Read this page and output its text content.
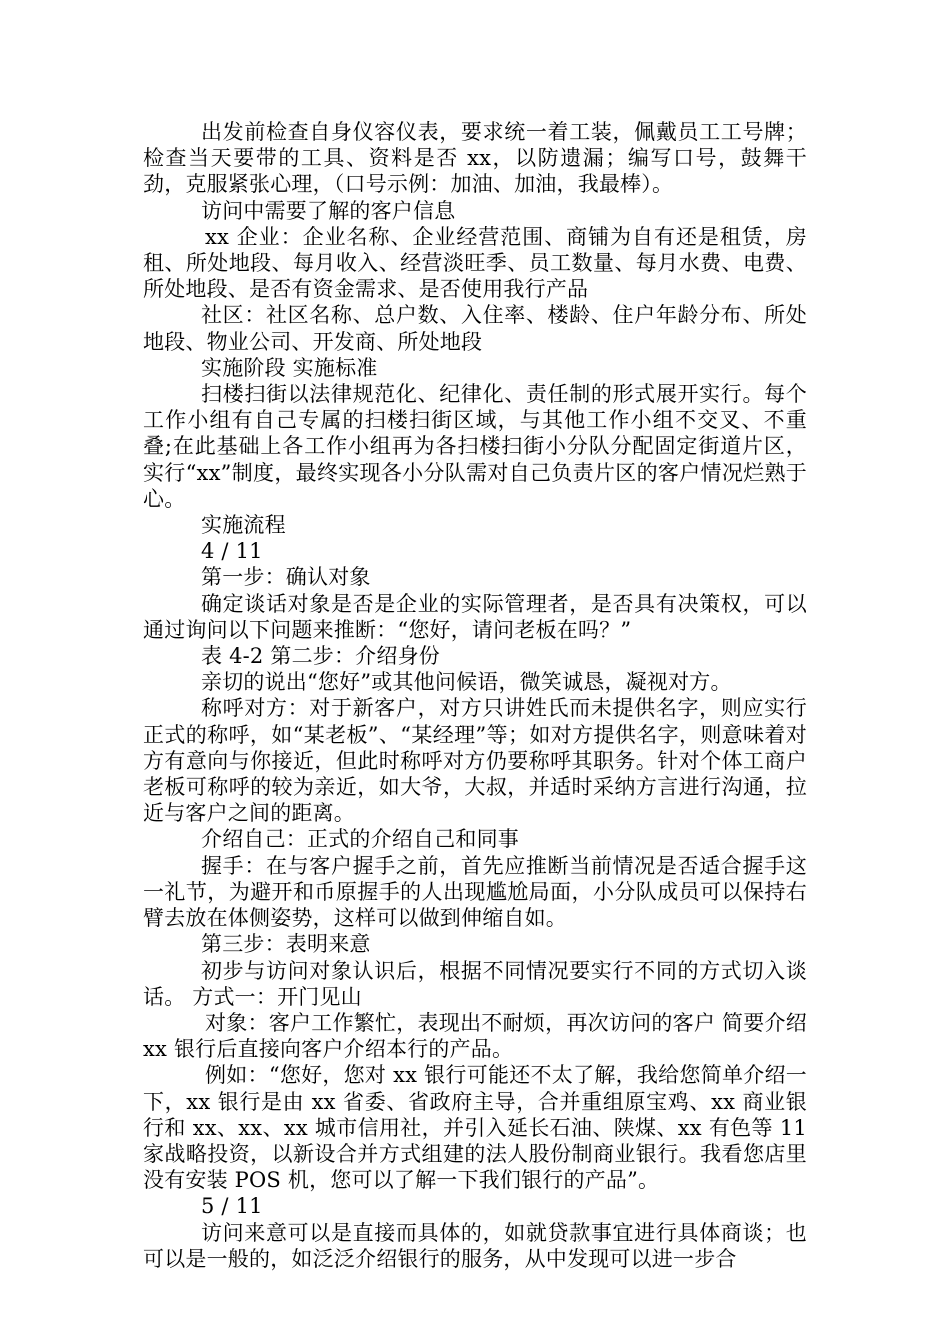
出发前检查自身仪容仪表，要求统一着工装，佩戴员工工号牌；检查当天要带的工具、资料是否 xx，以防遗漏；编写口号，鼓舞干劲，克服紧张心理，（口号示例：加油、加油，我最棒）。

访问中需要了解的客户信息

xx 企业：企业名称、企业经营范围、商铺为自有还是租赁，房租、所处地段、每月收入、经营淡旺季、员工数量、每月水费、电费、所处地段、是否有资金需求、是否使用我行产品

社区：社区名称、总户数、入住率、楼龄、住户年龄分布、所处地段、物业公司、开发商、所处地段

实施阶段 实施标准

扫楼扫街以法律规范化、纪律化、责任制的形式展开实行。每个工作小组有自己专属的扫楼扫街区域，与其他工作小组不交叉、不重叠;在此基础上各工作小组再为各扫楼扫街小分队分配固定街道片区，实行“xx”制度，最终实现各小分队需对自己负责片区的客户情况烂熟于心。

实施流程

4 / 11

第一步：确认对象

确定谈话对象是否是企业的实际管理者，是否具有决策权，可以通过询问以下问题来推断：“您好，请问老板在吗？”

表 4-2 第二步：介绍身份

亲切的说出“您好”或其他问候语，微笑诚恳，凝视对方。

称呼对方：对于新客户，对方只讲姓氏而未提供名字，则应实行正式的称呼，如“某老板”、“某经理”等；如对方提供名字，则意味着对方有意向与你接近，但此时称呼对方仍要称呼其职务。针对个体工商户老板可称呼的较为亲近，如大爷，大叔，并适时采纳方言进行沟通，拉近与客户之间的距离。

介绍自己：正式的介绍自己和同事

握手：在与客户握手之前，首先应推断当前情况是否适合握手这一礼节，为避开和币原握手的人出现尴尬局面，小分队成员可以保持右臂去放在体侧姿势，这样可以做到伸缩自如。

第三步：表明来意

初步与访问对象认识后，根据不同情况要实行不同的方式切入谈话。 方式一：开门见山

对象：客户工作繁忙，表现出不耐烦，再次访问的客户 简要介绍 xx 银行后直接向客户介绍本行的产品。

例如：“您好，您对 xx 银行可能还不太了解，我给您简单介绍一下，xx 银行是由 xx 省委、省政府主导，合并重组原宝鸡、xx 商业银行和 xx、xx、xx 城市信用社，并引入延长石油、陕煤、xx 有色等 11 家战略投资，以新设合并方式组建的法人股份制商业银行。我看您店里没有安装 POS 机，您可以了解一下我们银行的产品”。

5 / 11

访问来意可以是直接而具体的，如就贷款事宜进行具体商谈；也可以是一般的，如泛泛介绍银行的服务，从中发现可以进一步合
